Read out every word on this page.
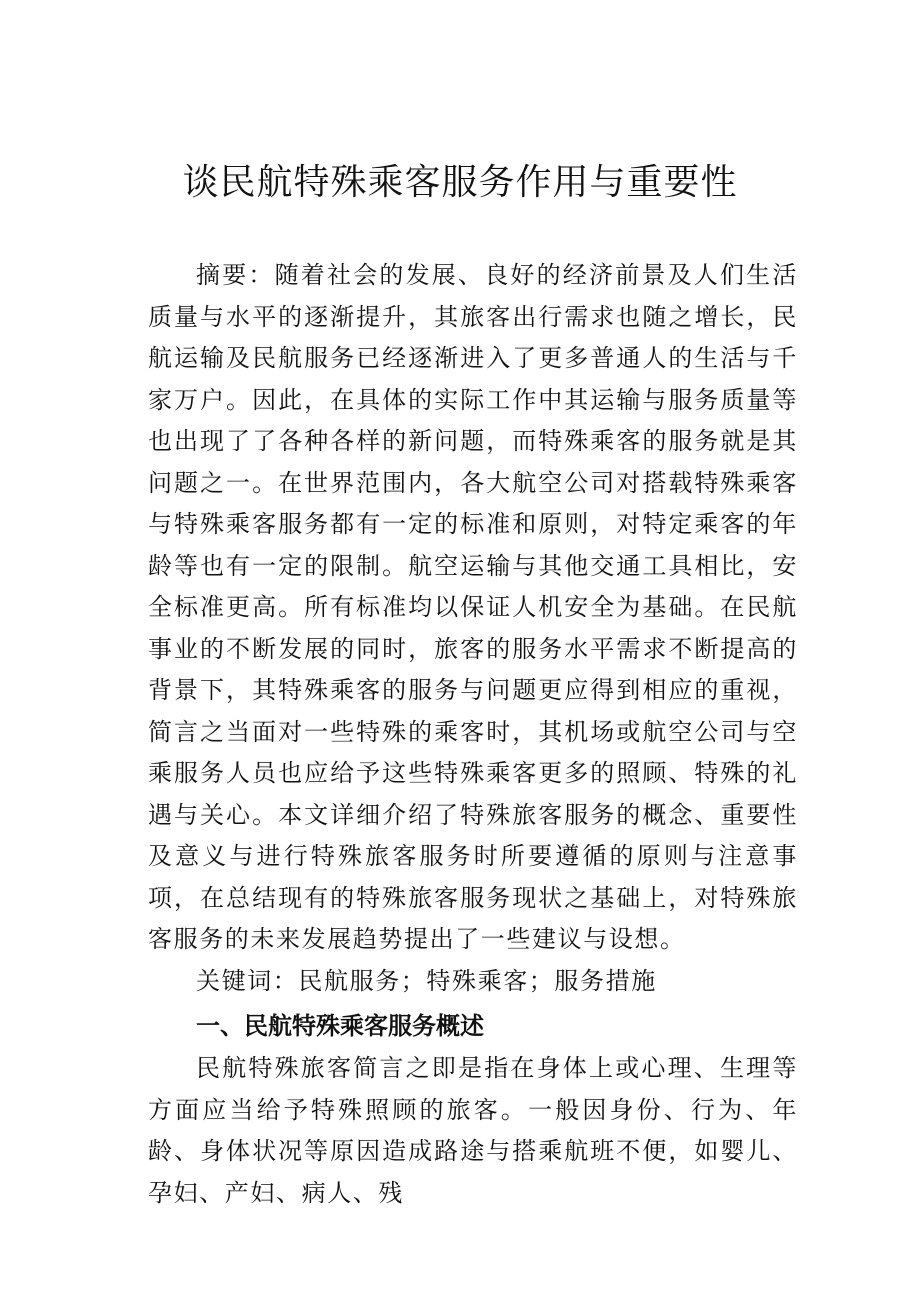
谈民航特殊乘客服务作用与重要性

摘要：随着社会的发展、良好的经济前景及人们生活质量与水平的逐渐提升，其旅客出行需求也随之增长，民航运输及民航服务已经逐渐进入了更多普通人的生活与千家万户。因此，在具体的实际工作中其运输与服务质量等也出现了了各种各样的新问题，而特殊乘客的服务就是其问题之一。在世界范围内，各大航空公司对搭载特殊乘客与特殊乘客服务都有一定的标准和原则，对特定乘客的年龄等也有一定的限制。航空运输与其他交通工具相比，安全标准更高。所有标准均以保证人机安全为基础。在民航事业的不断发展的同时，旅客的服务水平需求不断提高的背景下，其特殊乘客的服务与问题更应得到相应的重视，简言之当面对一些特殊的乘客时，其机场或航空公司与空乘服务人员也应给予这些特殊乘客更多的照顾、特殊的礼遇与关心。本文详细介绍了特殊旅客服务的概念、重要性及意义与进行特殊旅客服务时所要遵循的原则与注意事项，在总结现有的特殊旅客服务现状之基础上，对特殊旅客服务的未来发展趋势提出了一些建议与设想。

关键词：民航服务；特殊乘客；服务措施

一、民航特殊乘客服务概述

民航特殊旅客简言之即是指在身体上或心理、生理等方面应当给予特殊照顾的旅客。一般因身份、行为、年龄、身体状况等原因造成路途与搭乘航班不便，如婴儿、孕妇、产妇、病人、残
